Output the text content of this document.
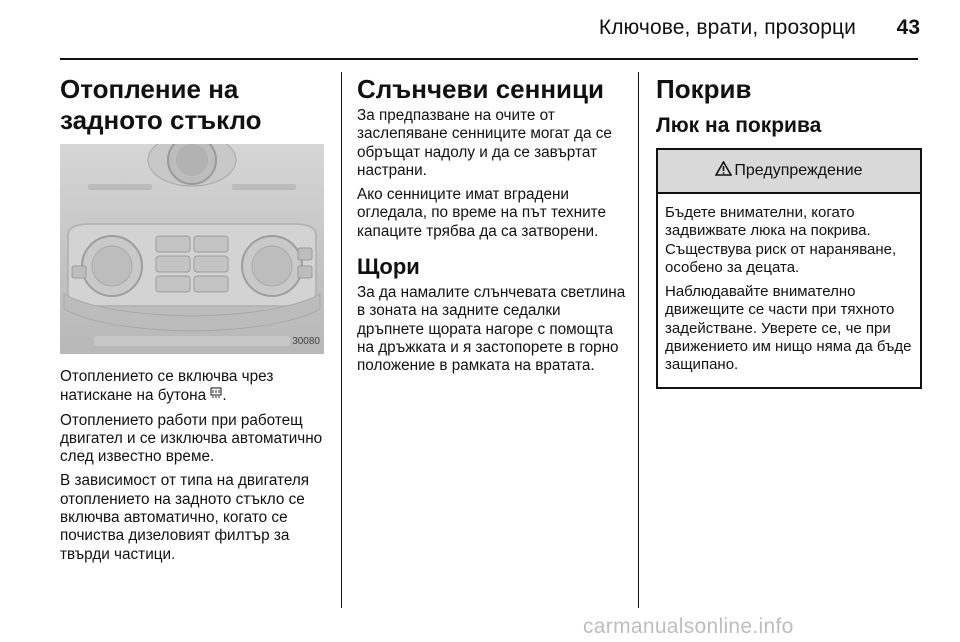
Ключове, врати, прозорци 43
Отопление на задното стъкло
30080

Отоплението се включва чрез натискане на бутона .

Отоплението работи при работещ двигател и се изключва автоматично след известно време.

В зависимост от типа на двигателя отоплението на задното стъкло се включва автоматично, когато се почиства дизеловият филтър за твърди частици.

Слънчеви сенници

За предпазване на очите от заслепяване сенниците могат да се обръщат надолу и да се завъртат настрани.

Ако сенниците имат вградени огледала, по време на път техните капаците трябва да са затворени.

Щори

За да намалите слънчевата светлина в зоната на задните седалки дръпнете щората нагоре с помощта на дръжката и я застопорете в горно положение в рамката на вратата.

Покрив
Люк на покрива
Предупреждение

Бъдете внимателни, когато задвижвате люка на покрива. Съществува риск от нараняване, особено за децата.

Наблюдавайте внимателно движещите се части при тяхното задействане. Уверете се, че при движението им нищо няма да бъде защипано.

carmanualsonline.info
